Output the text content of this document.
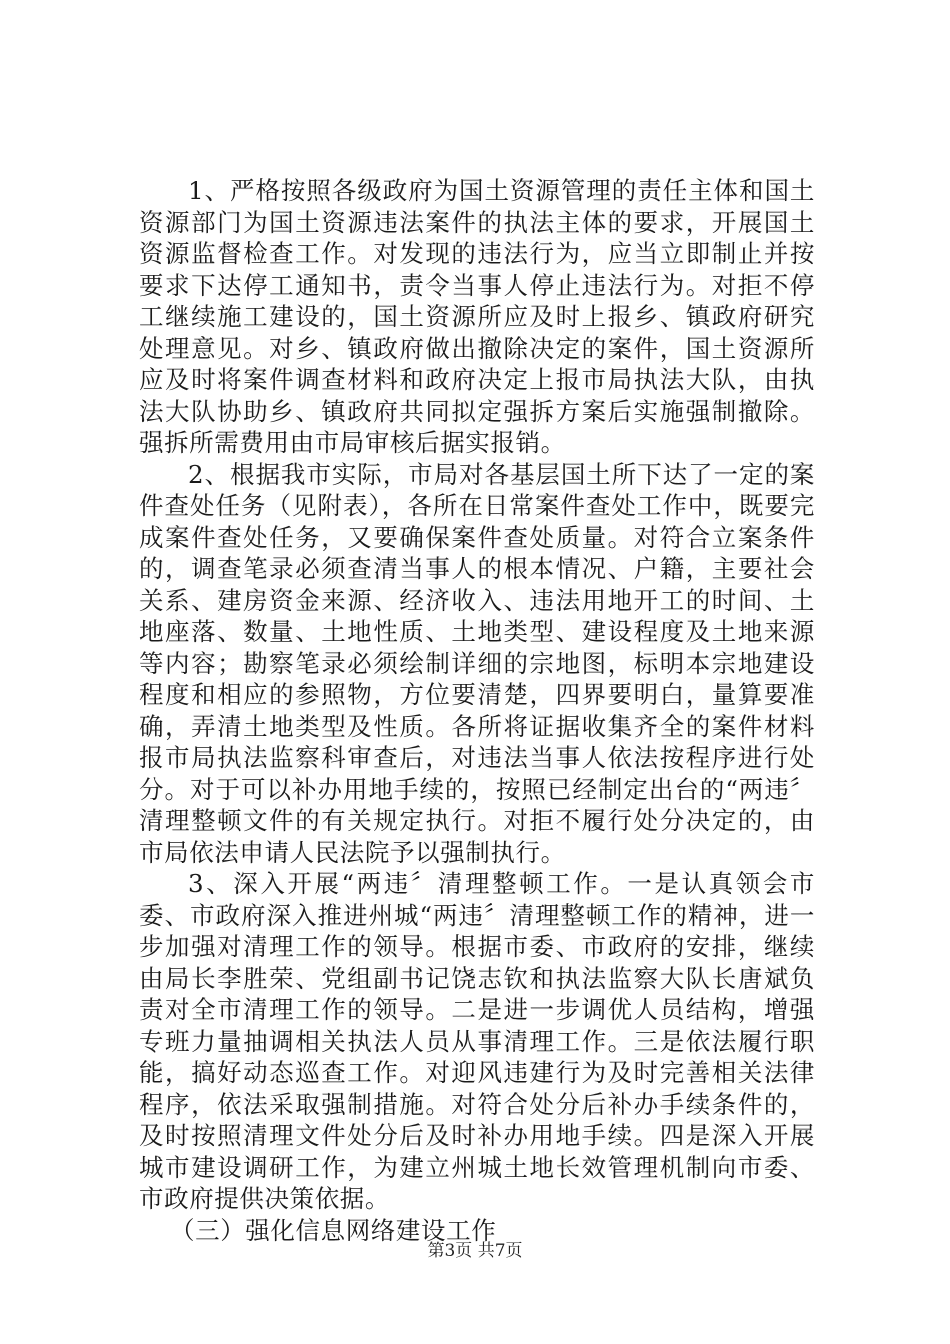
1、严格按照各级政府为国土资源管理的责任主体和国土资源部门为国土资源违法案件的执法主体的要求，开展国土资源监督检查工作。对发现的违法行为，应当立即制止并按要求下达停工通知书，责令当事人停止违法行为。对拒不停工继续施工建设的，国土资源所应及时上报乡、镇政府研究处理意见。对乡、镇政府做出撤除决定的案件，国土资源所应及时将案件调查材料和政府决定上报市局执法大队，由执法大队协助乡、镇政府共同拟定强拆方案后实施强制撤除。强拆所需费用由市局审核后据实报销。

2、根据我市实际，市局对各基层国土所下达了一定的案件查处任务（见附表），各所在日常案件查处工作中，既要完成案件查处任务，又要确保案件查处质量。对符合立案条件的，调查笔录必须查清当事人的根本情况、户籍，主要社会关系、建房资金来源、经济收入、违法用地开工的时间、土地座落、数量、土地性质、土地类型、建设程度及土地来源等内容；勘察笔录必须绘制详细的宗地图，标明本宗地建设程度和相应的参照物，方位要清楚，四界要明白，量算要准确，弄清土地类型及性质。各所将证据收集齐全的案件材料报市局执法监察科审查后，对违法当事人依法按程序进行处分。对于可以补办用地手续的，按照已经制定出台的“两违〞清理整顿文件的有关规定执行。对拒不履行处分决定的，由市局依法申请人民法院予以强制执行。

3、深入开展“两违〞清理整顿工作。一是认真领会市委、市政府深入推进州城“两违〞清理整顿工作的精神，进一步加强对清理工作的领导。根据市委、市政府的安排，继续由局长李胜荣、党组副书记饶志钦和执法监察大队长唐斌负责对全市清理工作的领导。二是进一步调优人员结构，增强专班力量抽调相关执法人员从事清理工作。三是依法履行职能，搞好动态巡查工作。对迎风违建行为及时完善相关法律程序，依法采取强制措施。对符合处分后补办手续条件的，及时按照清理文件处分后及时补办用地手续。四是深入开展城市建设调研工作，为建立州城土地长效管理机制向市委、市政府提供决策依据。

（三）强化信息网络建设工作

第3页 共7页
